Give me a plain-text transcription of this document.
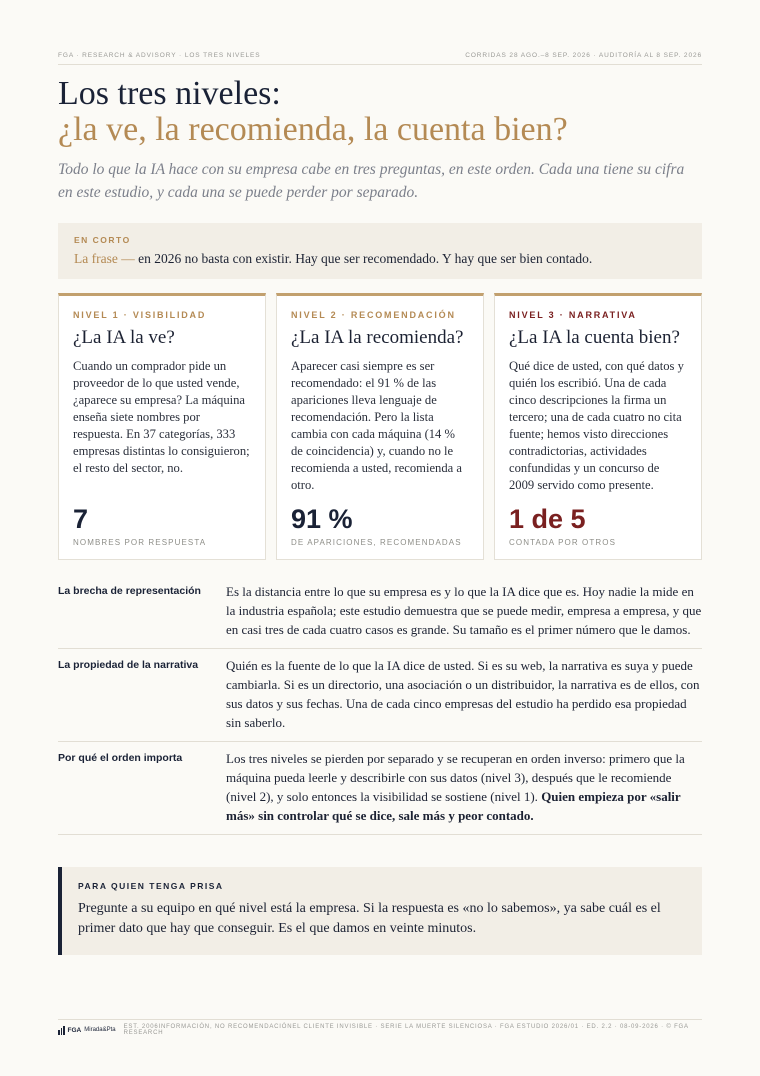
FGA · RESEARCH & ADVISORY · LOS TRES NIVELES	CORRIDAS 28 AGO.–8 SEP. 2026 · AUDITORÍA AL 8 SEP. 2026
Los tres niveles:
¿la ve, la recomienda, la cuenta bien?
Todo lo que la IA hace con su empresa cabe en tres preguntas, en este orden. Cada una tiene su cifra en este estudio, y cada una se puede perder por separado.
EN CORTO
La frase — en 2026 no basta con existir. Hay que ser recomendado. Y hay que ser bien contado.
NIVEL 1 · VISIBILIDAD
¿La IA la ve?
Cuando un comprador pide un proveedor de lo que usted vende, ¿aparece su empresa? La máquina enseña siete nombres por respuesta. En 37 categorías, 333 empresas distintas lo consiguieron; el resto del sector, no.
7
NOMBRES POR RESPUESTA
NIVEL 2 · RECOMENDACIÓN
¿La IA la recomienda?
Aparecer casi siempre es ser recomendado: el 91 % de las apariciones lleva lenguaje de recomendación. Pero la lista cambia con cada máquina (14 % de coincidencia) y, cuando no le recomienda a usted, recomienda a otro.
91 %
DE APARICIONES, RECOMENDADAS
NIVEL 3 · NARRATIVA
¿La IA la cuenta bien?
Qué dice de usted, con qué datos y quién los escribió. Una de cada cinco descripciones la firma un tercero; una de cada cuatro no cita fuente; hemos visto direcciones contradictorias, actividades confundidas y un concurso de 2009 servido como presente.
1 de 5
CONTADA POR OTROS
La brecha de representación	Es la distancia entre lo que su empresa es y lo que la IA dice que es. Hoy nadie la mide en la industria española; este estudio demuestra que se puede medir, empresa a empresa, y que en casi tres de cada cuatro casos es grande. Su tamaño es el primer número que le damos.
La propiedad de la narrativa	Quién es la fuente de lo que la IA dice de usted. Si es su web, la narrativa es suya y puede cambiarla. Si es un directorio, una asociación o un distribuidor, la narrativa es de ellos, con sus datos y sus fechas. Una de cada cinco empresas del estudio ha perdido esa propiedad sin saberlo.
Por qué el orden importa	Los tres niveles se pierden por separado y se recuperan en orden inverso: primero que la máquina pueda leerle y describirle con sus datos (nivel 3), después que le recomiende (nivel 2), y solo entonces la visibilidad se sostiene (nivel 1). Quien empieza por «salir más» sin controlar qué se dice, sale más y peor contado.
PARA QUIEN TENGA PRISA
Pregunte a su equipo en qué nivel está la empresa. Si la respuesta es «no lo sabemos», ya sabe cuál es el primer dato que hay que conseguir. Es el que damos en veinte minutos.
FGA Mirada&Pta EST. 2006INFORMACIÓN, NO RECOMENDACIÓNEL CLIENTE INVISIBLE · SERIE LA MUERTE SILENCIOSA · FGA ESTUDIO 2026/01 · ED. 2.2 · 08-09-2026 · © FGA RESEARCH
